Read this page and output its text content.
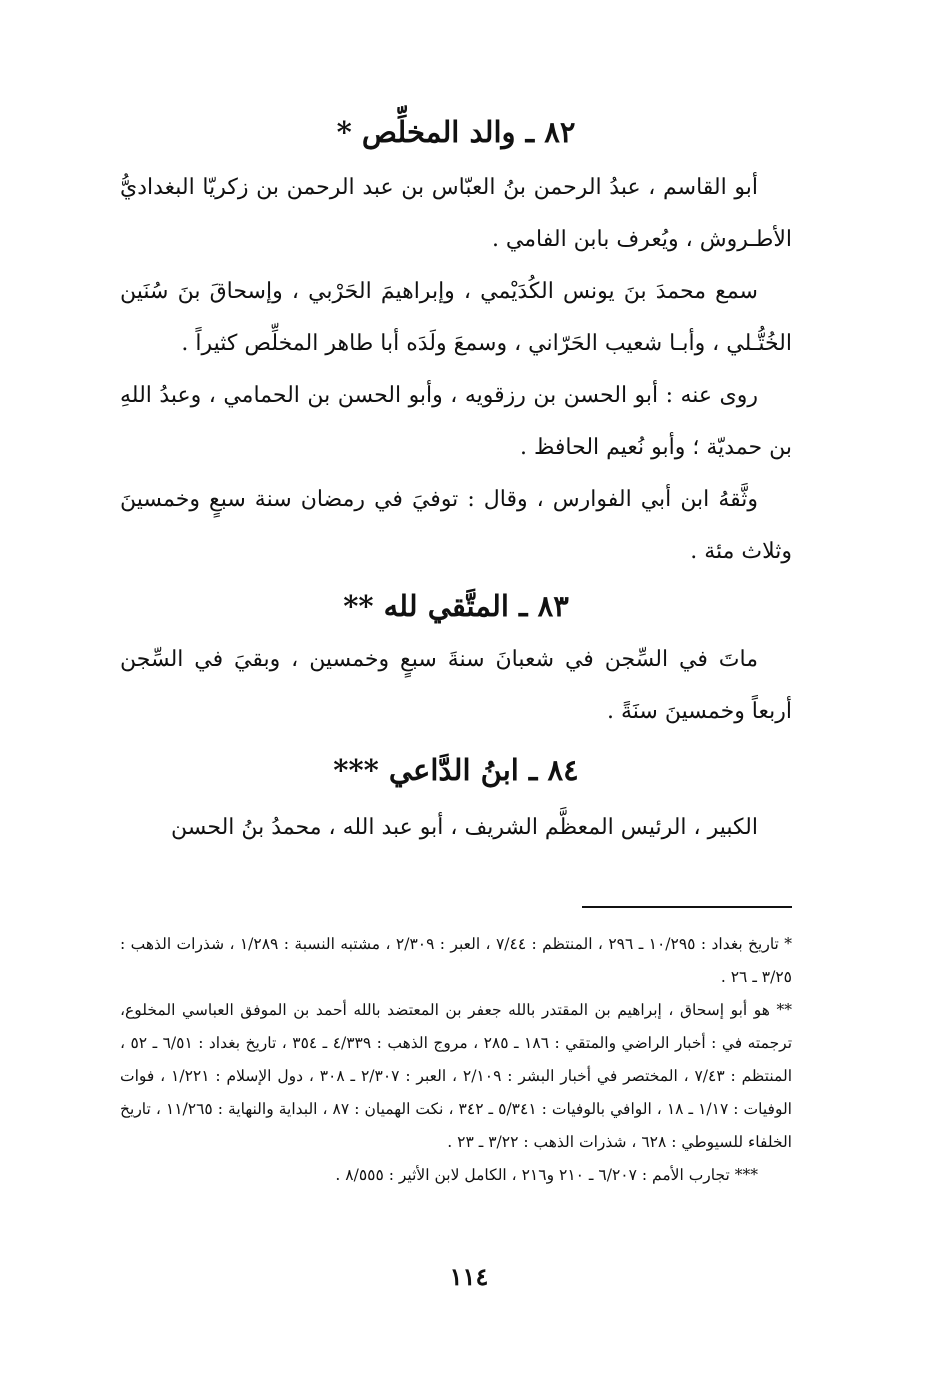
٨٢ ـ والد المخلِّص *

أبو القاسم ، عبدُ الرحمن بنُ العبّاس بن عبد الرحمن بن زكريّا البغداديُّ الأطـروش ، ويُعرف بابن الفامي .

سمع محمدَ بنَ يونس الكُدَيْمي ، وإبراهيمَ الحَرْبي ، وإسحاقَ بنَ سُنَين الخُتُّـلي ، وأبـا شعيب الحَرّاني ، وسمعَ ولَدَه أبا طاهر المخلِّص كثيراً .

روى عنه : أبو الحسن بن رزقويه ، وأبو الحسن بن الحمامي ، وعبدُ اللهِ بن حمديّة ؛ وأبو نُعيم الحافظ .

وثَّقهُ ابن أبي الفوارس ، وقال : توفيَ في رمضان سنة سبعٍ وخمسينَ وثلاث مئة .

٨٣ ـ المتَّقي لله **

ماتَ في السِّجن في شعبانَ سنةَ سبعٍ وخمسين ، وبقيَ في السِّجن أربعاً وخمسينَ سنَةً .

٨٤ ـ ابنُ الدَّاعي ***

الكبير ، الرئيس المعظَّم الشريف ، أبو عبد الله ، محمدُ بنُ الحسن

* تاريخ بغداد : ١٠/٢٩٥ ـ ٢٩٦ ، المنتظم : ٧/٤٤ ، العبر : ٢/٣٠٩ ، مشتبه النسبة : ١/٢٨٩ ، شذرات الذهب : ٣/٢٥ ـ ٢٦ .

** هو أبو إسحاق ، إبراهيم بن المقتدر بالله جعفر بن المعتضد بالله أحمد بن الموفق العباسي المخلوع، ترجمته في : أخبار الراضي والمتقي : ١٨٦ ـ ٢٨٥ ، مروج الذهب : ٤/٣٣٩ ـ ٣٥٤ ، تاريخ بغداد : ٦/٥١ ـ ٥٢ ، المنتظم : ٧/٤٣ ، المختصر في أخبار البشر : ٢/١٠٩ ، العبر : ٢/٣٠٧ ـ ٣٠٨ ، دول الإسلام : ١/٢٢١ ، فوات الوفيات : ١/١٧ ـ ١٨ ، الوافي بالوفيات : ٥/٣٤١ ـ ٣٤٢ ، نكت الهميان : ٨٧ ، البداية والنهاية : ١١/٢٦٥ ، تاريخ الخلفاء للسيوطي : ٦٢٨ ، شذرات الذهب : ٣/٢٢ ـ ٢٣ .

*** تجارب الأمم : ٦/٢٠٧ ـ ٢١٠ و٢١٦ ، الكامل لابن الأثير : ٨/٥٥٥ .

١١٤
